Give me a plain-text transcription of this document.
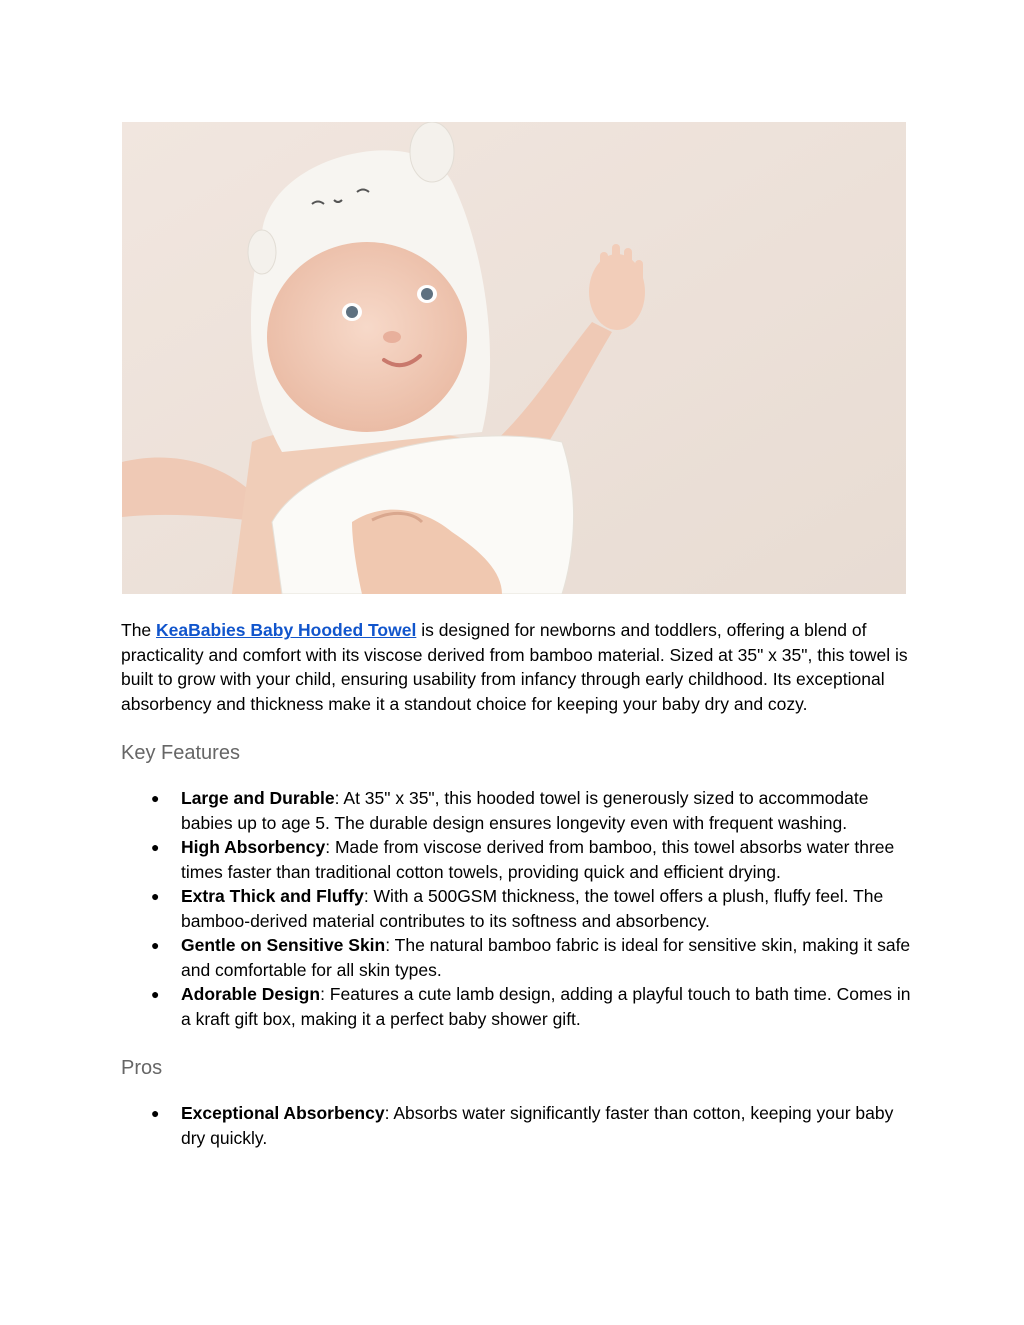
The KeaBabies Baby Hooded Towel is designed for newborns and toddlers, offering a blend of practicality and comfort with its viscose derived from bamboo material. Sized at 35" x 35", this towel is built to grow with your child, ensuring usability from infancy through early childhood. Its exceptional absorbency and thickness make it a standout choice for keeping your baby dry and cozy.

Key Features
● Large and Durable: At 35" x 35", this hooded towel is generously sized to accommodate babies up to age 5. The durable design ensures longevity even with frequent washing.
● High Absorbency: Made from viscose derived from bamboo, this towel absorbs water three times faster than traditional cotton towels, providing quick and efficient drying.
● Extra Thick and Fluffy: With a 500GSM thickness, the towel offers a plush, fluffy feel. The bamboo-derived material contributes to its softness and absorbency.
● Gentle on Sensitive Skin: The natural bamboo fabric is ideal for sensitive skin, making it safe and comfortable for all skin types.
● Adorable Design: Features a cute lamb design, adding a playful touch to bath time. Comes in a kraft gift box, making it a perfect baby shower gift.
Pros
● Exceptional Absorbency: Absorbs water significantly faster than cotton, keeping your baby dry quickly.
